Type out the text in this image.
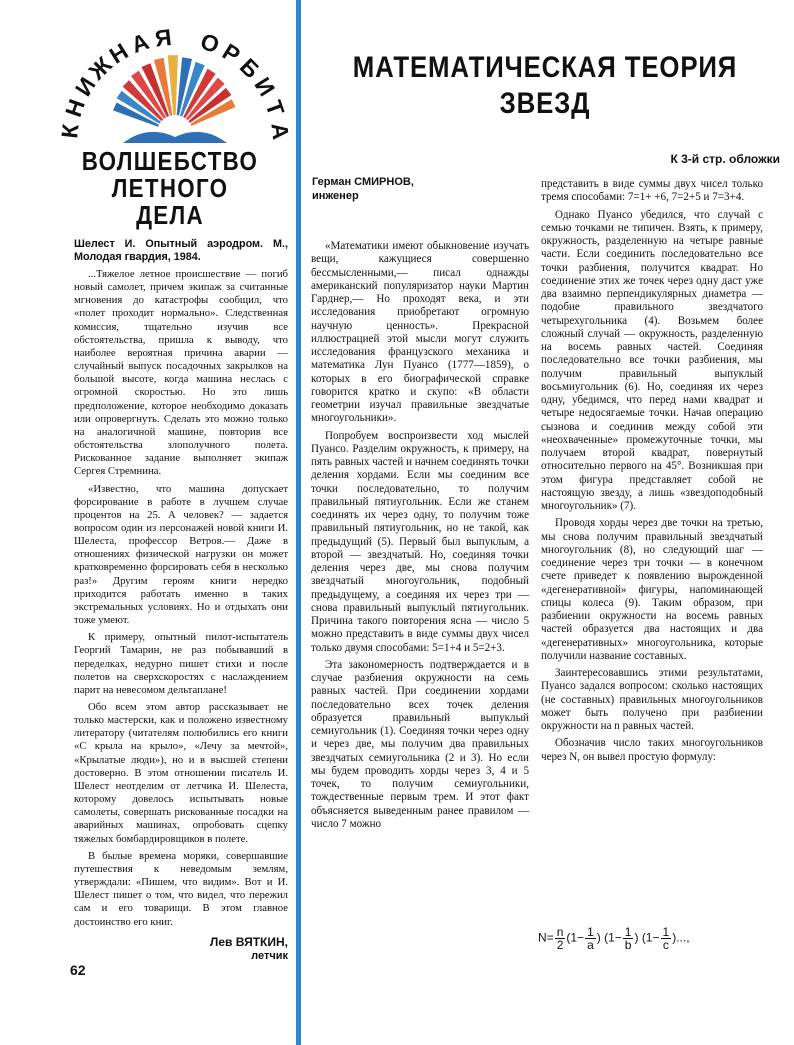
К
Н
И
Ж
Н
А Я О
Р
Б
И
Т
А
ВОЛШЕБСТВО
ЛЕТНОГО
ДЕЛА
Шелест И. Опытный аэродром. М., Молодая гвардия, 1984.

...Тяжелое летное происшествие — погиб новый самолет, причем экипаж за считанные мгновения до катастрофы сообщил, что «полет проходит нормально». Следственная комиссия, тщательно изучив все обстоятельства, пришла к выводу, что наиболее вероятная причина аварии — случайный выпуск посадочных закрылков на большой высоте, когда машина неслась с огромной скоростью. Но это лишь предположение, которое необходимо доказать или опровергнуть. Сделать это можно только на аналогичной машине, повторив все обстоятельства злополучного полета. Рискованное задание выполняет экипаж Сергея Стремнина.

«Известно, что машина допускает форсирование в работе в лучшем случае процентов на 25. А человек? — задается вопросом один из персонажей новой книги И. Шелеста, профессор Ветров.— Даже в отношениях физической нагрузки он может кратковременно форсировать себя в несколько раз!» Другим героям книги нередко приходится работать именно в таких экстремальных условиях. Но и отдыхать они тоже умеют.

К примеру, опытный пилот-испытатель Георгий Тамарин, не раз побывавший в переделках, недурно пишет стихи и после полетов на сверхскоростях с наслаждением парит на невесомом дельтаплане!

Обо всем этом автор рассказывает не только мастерски, как и положено известному литератору (читателям полюбились его книги «С крыла на крыло», «Лечу за мечтой», «Крылатые люди»), но и в высшей степени достоверно. В этом отношении писатель И. Шелест неотделим от летчика И. Шелеста, которому довелось испытывать новые самолеты, совершать рискованные посадки на аварийных машинах, опробовать сцепку тяжелых бомбардировщиков в полете.

В былые времена моряки, совершавшие путешествия к неведомым землям, утверждали: «Пишем, что видим». Вот и И. Шелест пишет о том, что видел, что пережил сам и его товарищи. В этом главное достоинство его книг.

Лев ВЯТКИН,
летчик
62
МАТЕМАТИЧЕСКАЯ ТЕОРИЯ
ЗВЕЗД
К 3-й стр. обложки
Герман СМИРНОВ,
инженер

«Математики имеют обыкновение изучать вещи, кажущиеся совершенно бессмысленными,— писал однажды американский популяризатор науки Мартин Гарднер,— Но проходят века, и эти исследования приобретают огромную научную ценность». Прекрасной иллюстрацией этой мысли могут служить исследования французского механика и математика Лун Пуансо (1777—1859), о которых в его биографической справке говорится кратко и скупо: «В области геометрии изучал правильные звездчатые многоугольники».

Попробуем воспроизвести ход мыслей Пуансо. Разделим окружность, к примеру, на пять равных частей и начнем соединять точки деления хордами. Если мы соединим все точки последовательно, то получим правильный пятиугольник. Если же станем соединять их через одну, то получим тоже правильный пятиугольник, но не такой, как предыдущий (5). Первый был выпуклым, а второй — звездчатый. Но, соединяя точки деления через две, мы снова получим звездчатый многоугольник, подобный предыдущему, а соединяя их через три — снова правильный выпуклый пятиугольник. Причина такого повторения ясна — число 5 можно представить в виде суммы двух чисел только двумя способами: 5=1+4 и 5=2+3.

Эта закономерность подтверждается и в случае разбиения окружности на семь равных частей. При соединении хордами последовательно всех точек деления образуется правильный выпуклый семиугольник (1). Соединяя точки через одну и через две, мы получим два правильных звездчатых семиугольника (2 и 3). Но если мы будем проводить хорды через 3, 4 и 5 точек, то получим семиугольники, тождественные первым трем. И этот факт объясняется выведенным ранее правилом — число 7 можно

представить в виде суммы двух чисел только тремя способами: 7=1+ +6, 7=2+5 и 7=3+4.

Однако Пуансо убедился, что случай с семью точками не типичен. Взять, к примеру, окружность, разделенную на четыре равные части. Если соединить последовательно все точки разбиения, получится квадрат. Но соединение этих же точек через одну даст уже два взаимно перпендикулярных диаметра — подобие правильного звездчатого четырехугольника (4). Возьмем более сложный случай — окружность, разделенную на восемь равных частей. Соединяя последовательно все точки разбиения, мы получим правильный выпуклый восьмиугольник (6). Но, соединяя их через одну, убедимся, что перед нами квадрат и четыре недосягаемые точки. Начав операцию сызнова и соединив между собой эти «неохваченные» промежуточные точки, мы получаем второй квадрат, повернутый относительно первого на 45°. Возникшая при этом фигура представляет собой не настоящую звезду, а лишь «звездоподобный многоугольник» (7).

Проводя хорды через две точки на третью, мы снова получим правильный звездчатый многоугольник (8), но следующий шаг — соединение через три точки — в конечном счете приведет к появлению вырожденной «дегенеративной» фигуры, напоминающей спицы колеса (9). Таким образом, при разбиении окружности на восемь равных частей образуется два настоящих и два «дегенеративных» многоугольника, которые получили название составных.

Заинтересовавшись этими результатами, Пуансо задался вопросом: сколько настоящих (не составных) правильных многоугольников может быть получено при разбиении окружности на n равных частей.

Обозначив число таких многоугольников через N, он вывел простую формулу:

$N= \frac{n}{2} (1- \frac{1}{a}$ ) ($1- \frac{1}{b}$ ) ($1- \frac{1}{c}$ )...,
